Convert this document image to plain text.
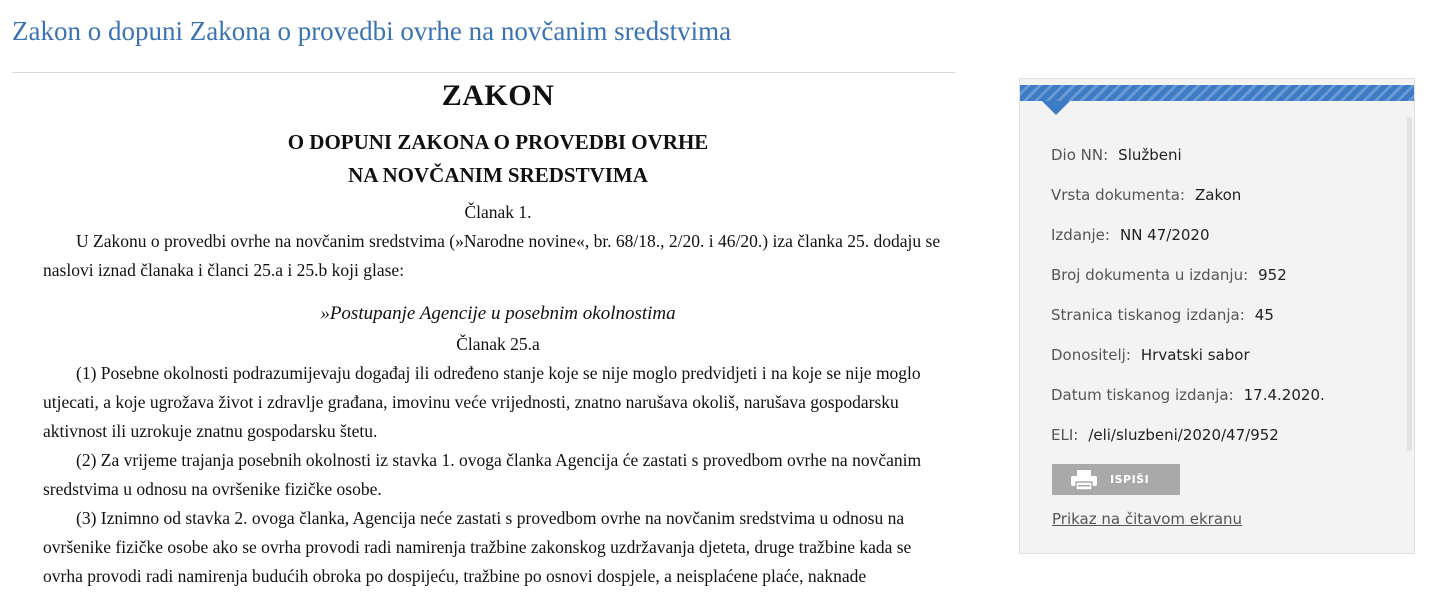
Zakon o dopuni Zakona o provedbi ovrhe na novčanim sredstvima
ZAKON
O DOPUNI ZAKONA O PROVEDBI OVRHE
NA NOVČANIM SREDSTVIMA

Članak 1.

U Zakonu o provedbi ovrhe na novčanim sredstvima (»Narodne novine«, br. 68/18., 2/20. i 46/20.) iza članka 25. dodaju se naslovi iznad članaka i članci 25.a i 25.b koji glase:

»Postupanje Agencije u posebnim okolnostima

Članak 25.a

(1) Posebne okolnosti podrazumijevaju događaj ili određeno stanje koje se nije moglo predvidjeti i na koje se nije moglo utjecati, a koje ugrožava život i zdravlje građana, imovinu veće vrijednosti, znatno narušava okoliš, narušava gospodarsku aktivnost ili uzrokuje znatnu gospodarsku štetu.

(2) Za vrijeme trajanja posebnih okolnosti iz stavka 1. ovoga članka Agencija će zastati s provedbom ovrhe na novčanim sredstvima u odnosu na ovršenike fizičke osobe.

(3) Iznimno od stavka 2. ovoga članka, Agencija neće zastati s provedbom ovrhe na novčanim sredstvima u odnosu na ovršenike fizičke osobe ako se ovrha provodi radi namirenja tražbine zakonskog uzdržavanja djeteta, druge tražbine kada se ovrha provodi radi namirenja budućih obroka po dospijeću, tražbine po osnovi dospjele, a neisplaćene plaće, naknade

Dio NN: Službeni
Vrsta dokumenta: Zakon
Izdanje: NN 47/2020
Broj dokumenta u izdanju: 952
Stranica tiskanog izdanja: 45
Donositelj: Hrvatski sabor
Datum tiskanog izdanja: 17.4.2020.
ELI: /eli/sluzbeni/2020/47/952
ISPIŠI
Prikaz na čitavom ekranu
